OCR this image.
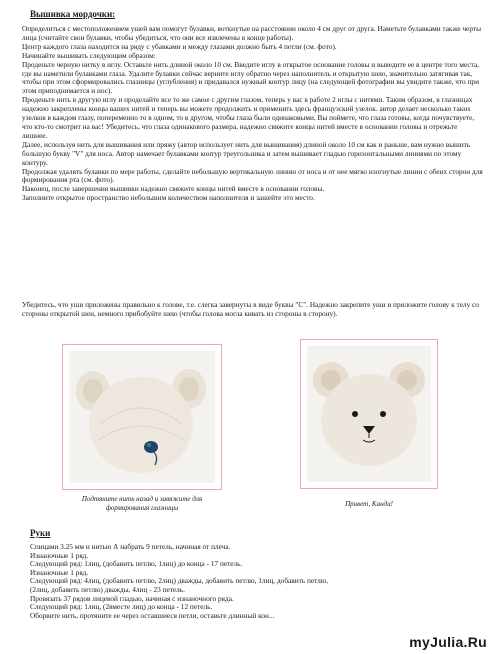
Вышивка мордочки:

Определиться с местоположением ушей вам помогут булавки, воткнутые на расстоянии около 4 см друг от друга. Наметьте булавками также черты лица (считайте свои булавки, чтобы убедиться, что они все извлечены в конце работы).

Центр каждого глаза находится на ряду с убавками и между глазами должно быть 4 петли (см. фото).

Начинайте вышивать следующим образом:

Проденьте черную нитку в иглу. Оставьте нить длиной около 10 см. Введите иглу в открытое основание головы и выведите ее в центре того места, где вы наметили булавками глаза. Удалите булавки сейчас верните иглу обратно через наполнитель и открытую шею, значительно затягивая так, чтобы при этом сформировались глазницы (углубления) и придавался нужный контур лицу (на следующей фотографии вы увидите также, что при этом приподнимается и нос).

Проденьте нить в другую иглу и проделайте все то же самое с другим глазом, теперь у вас в работе 2 иглы с нитями. Таким образом, в глазницах надежно закреплены концы ваших нитей и теперь вы можете продолжить и применить здесь французский узелок. автор делает несколько таких узелков в каждом глазу, попеременно то в одном, то в другом, чтобы глаза были одинаковыми. Вы поймете, что глаза готовы, когда почувствуете, что кто-то смотрит на вас! Убедитесь, что глаза одинакового размера, надежно свяжите концы нитей вместе в основании головы и отрежьте лишнее.

Далее, используя нить для вышивания или пряжу (автор использует нить для вышивания) длиной около 10 см как и раньше, вам нужно вышить большую букву "V" для носа. Автор намечает булавками контур треугольника и затем вышивает гладью горизонтальными линиями по этому контуру.

Продолжая удалять булавки по мере работы, сделайте небольшую вертикальную линию от носа и от нее мягко изогнутые линии с обеих сторон для формирования рта (см. фото).

Наконец, после завершения вышивки надежно свяжите концы нитей вместе в основании головы.

Заполните открытое пространство небольшим количеством наполнителя и зашейте это место.

Убедитесь, что уши приложены правильно к голове, т.е. слегка завернуты в виде буквы "С". Надежно закрепите уши и приложите голову к телу со стороны открытой шеи, немного прибобуйте шею (чтобы голова могла кивать из стороны в сторону).
Подтяните нить назад и завяжите для
формирования глазницы	Привет, Канди!
Руки

Спицами 3.25 мм и нитью А набрать 9 петель, начиная от плеча.

Изнаночные 1 ряд.

Следующий ряд: 1лиц, (добавить петлю, 1лиц) до конца - 17 петель.

Изнаночные 1 ряд.

Следующий ряд: 4лиц, (добавить петлю, 2лиц) дважды, добавить петлю, 1лиц, добавить петлю,

(2лиц, добавить петлю) дважды, 4лиц - 23 петель.

Провязать 37 рядов лицевой гладью, начиная с изнаночного ряда.

Следующий ряд: 1лиц, (2вместе лиц) до конца - 12 петель.

Оборвите нить, протяните ее через оставшиеся петли, оставьте длинный кон...

myJulia.Ru
